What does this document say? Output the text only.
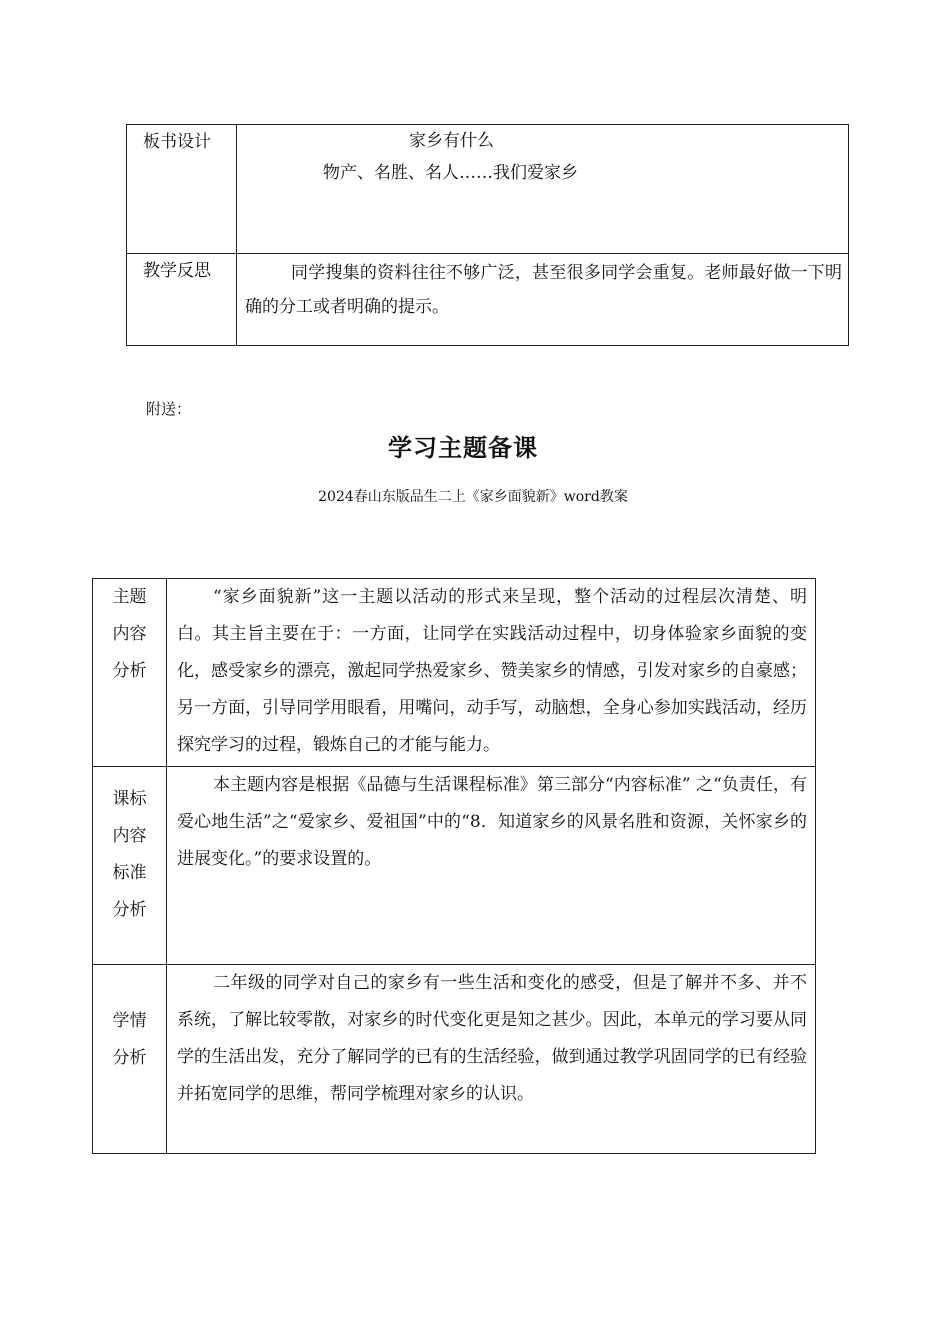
板书设计	家乡有什么
物产、名胜、名人……我们爱家乡

教学反思	同学搜集的资料往往不够广泛，甚至很多同学会重复。老师最好做一下明确的分工或者明确的提示。
附送：
学习主题备课
2024春山东版品生二上《家乡面貌新》word教案
主题
内容
分析	“家乡面貌新”这一主题以活动的形式来呈现，整个活动的过程层次清楚、明白。其主旨主要在于：一方面，让同学在实践活动过程中，切身体验家乡面貌的变化，感受家乡的漂亮，激起同学热爱家乡、赞美家乡的情感，引发对家乡的自豪感；另一方面，引导同学用眼看，用嘴问，动手写，动脑想，全身心参加实践活动，经历探究学习的过程，锻炼自己的才能与能力。

课标
内容
标准
分析	本主题内容是根据《品德与生活课程标准》第三部分“内容标准” 之“负责任，有爱心地生活”之“爱家乡、爱祖国”中的“8．知道家乡的风景名胜和资源，关怀家乡的进展变化。”的要求设置的。

学情
分析	二年级的同学对自己的家乡有一些生活和变化的感受，但是了解并不多、并不系统，了解比较零散，对家乡的时代变化更是知之甚少。因此，本单元的学习要从同学的生活出发，充分了解同学的已有的生活经验，做到通过教学巩固同学的已有经验并拓宽同学的思维，帮同学梳理对家乡的认识。
